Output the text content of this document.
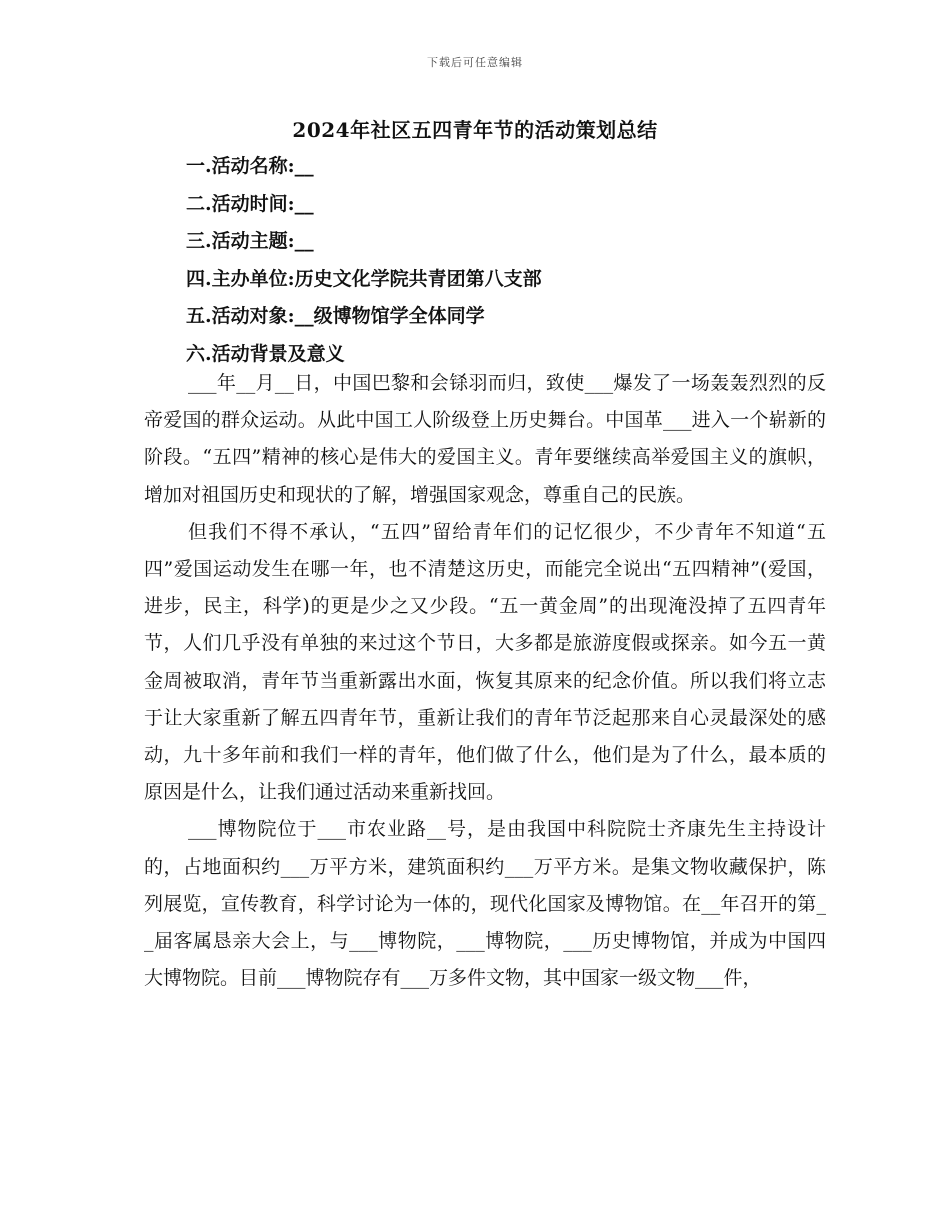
下载后可任意编辑
2024年社区五四青年节的活动策划总结
一.活动名称:__
二.活动时间:__
三.活动主题:__
四.主办单位:历史文化学院共青团第八支部
五.活动对象:__级博物馆学全体同学
六.活动背景及意义

___年__月__日，中国巴黎和会铩羽而归，致使___爆发了一场轰轰烈烈的反帝爱国的群众运动。从此中国工人阶级登上历史舞台。中国革___进入一个崭新的阶段。“五四”精神的核心是伟大的爱国主义。青年要继续高举爱国主义的旗帜，增加对祖国历史和现状的了解，增强国家观念，尊重自己的民族。

但我们不得不承认，“五四”留给青年们的记忆很少，不少青年不知道“五四”爱国运动发生在哪一年，也不清楚这历史，而能完全说出“五四精神”(爱国，进步，民主，科学)的更是少之又少段。“五一黄金周”的出现淹没掉了五四青年节，人们几乎没有单独的来过这个节日，大多都是旅游度假或探亲。如今五一黄金周被取消，青年节当重新露出水面，恢复其原来的纪念价值。所以我们将立志于让大家重新了解五四青年节，重新让我们的青年节泛起那来自心灵最深处的感动，九十多年前和我们一样的青年，他们做了什么，他们是为了什么，最本质的原因是什么，让我们通过活动来重新找回。

___博物院位于___市农业路__号，是由我国中科院院士齐康先生主持设计的，占地面积约___万平方米，建筑面积约___万平方米。是集文物收藏保护，陈列展览，宣传教育，科学讨论为一体的，现代化国家及博物馆。在__年召开的第__届客属恳亲大会上，与___博物院，___博物院，___历史博物馆，并成为中国四大博物院。目前___博物院存有___万多件文物，其中国家一级文物___件，
